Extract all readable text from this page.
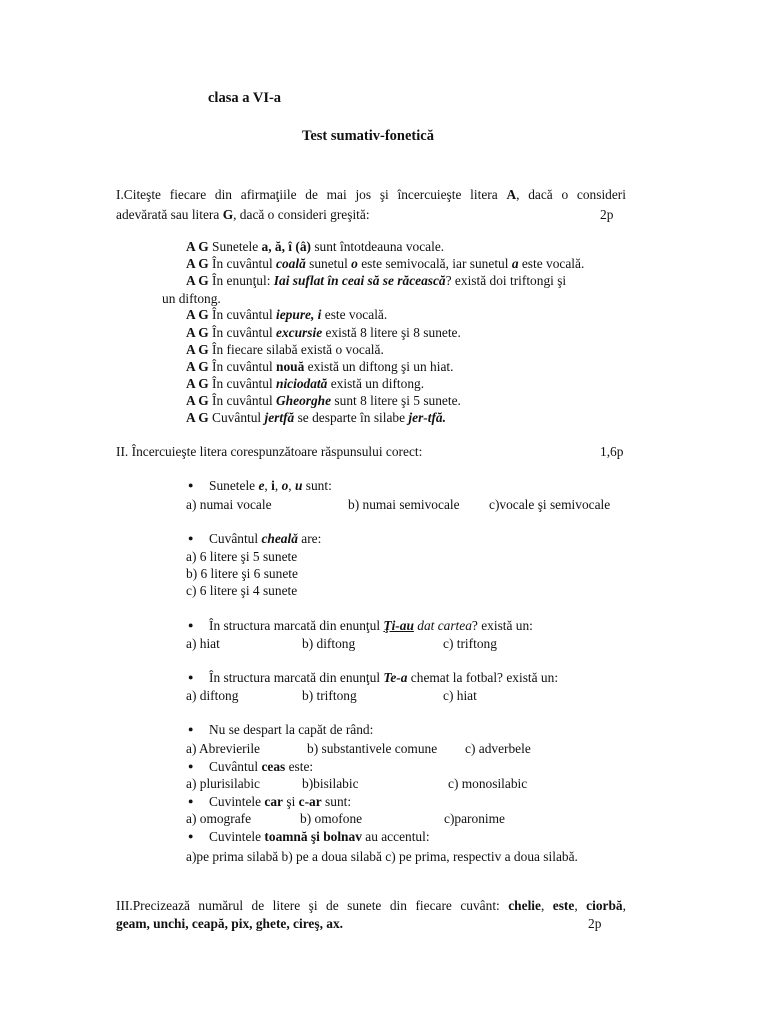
clasa a VI-a
Test sumativ-fonetică
I.Citeşte fiecare din afirmaţiile de mai jos şi încercuieşte litera A, dacă o consideri
adevărată sau litera G, dacă o consideri greşită:	2p
A G Sunetele a, ă, î (â) sunt întotdeauna vocale.
A G În cuvântul coală sunetul o este semivocală, iar sunetul a este vocală.
A G În enunţul: Iai suflat în ceai să se răcească? există doi triftongi şi
un diftong.
A G În cuvântul iepure, i este vocală.
A G În cuvântul excursie există 8 litere şi 8 sunete.
A G În fiecare silabă există o vocală.
A G În cuvântul nouă există un diftong şi un hiat.
A G În cuvântul niciodată există un diftong.
A G În cuvântul Gheorghe sunt 8 litere şi 5 sunete.
A G Cuvântul jertfă se desparte în silabe jer-tfă.
II. Încercuieşte litera corespunzătoare răspunsului corect:	1,6p
● Sunetele e, i, o, u sunt:
a) numai vocale	b) numai semivocale c)vocale şi semivocale
● Cuvântul chealǎ are:
a) 6 litere şi 5 sunete
b) 6 litere şi 6 sunete
c) 6 litere şi 4 sunete
● În structura marcată din enunţul Ţi-au dat cartea? există un:
a) hiat	b) diftong	c) triftong
● În structura marcată din enunţul Te-a chemat la fotbal? există un:
a) diftong	b) triftong	c) hiat
● Nu se despart la capăt de rând:
a) Abrevierile	b) substantivele comune c) adverbele
● Cuvântul ceas este:
a) plurisilabic	b)bisilabic	c) monosilabic
● Cuvintele car şi c-ar sunt:
a) omografe	b) omofone	c)paronime
● Cuvintele toamnă şi bolnav au accentul:
a)pe prima silabă b) pe a doua silabă c) pe prima, respectiv a doua silabă.
III.Precizează numărul de litere şi de sunete din fiecare cuvânt: chelie, este, ciorbă,
geam, unchi, ceapă, pix, ghete, cireş, ax.	2p
